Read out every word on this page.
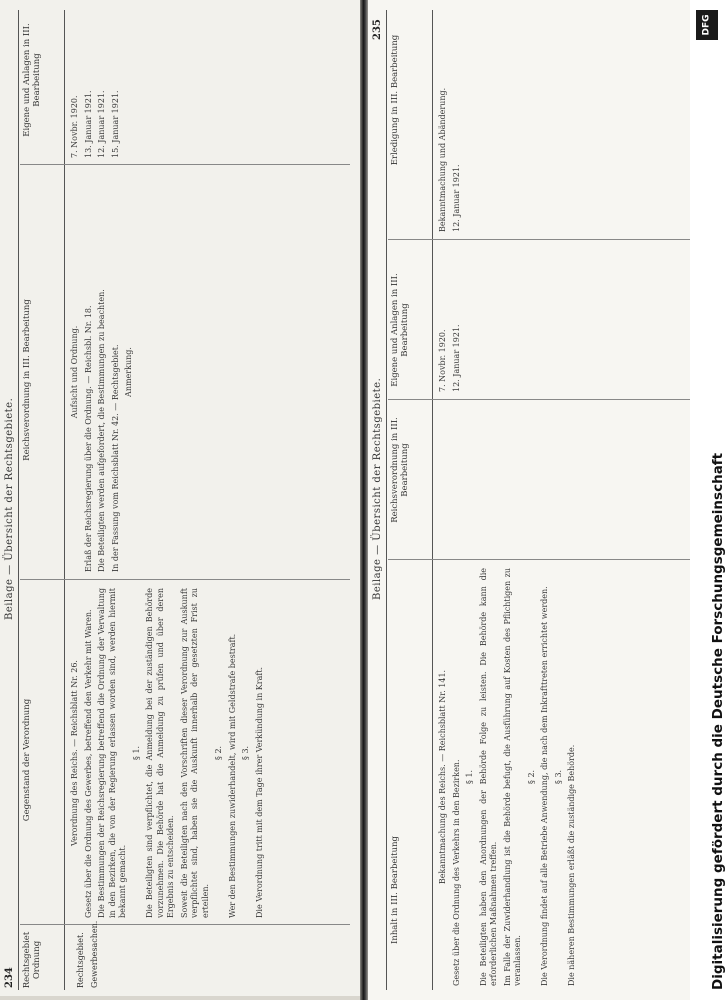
234
Beilage — Übersicht der Rechtsgebiete.
Rechtsgebiet Ordnung
Gegenstand der Verordnung
Reichsverordnung in III. Bearbeitung
Eigene und Anlagen in III. Bearbeitung
Rechtsgebiet. Gewerbesachen.

Verordnung des Reichs. — Reichsblatt Nr. 26. Gesetz über die Ordnung des Gewerbes, betreffend den Verkehr mit Waren. Die Bestimmungen der Reichsregierung betreffend die Ordnung der Verwaltung in den Bezirken, die von der Regierung erlassen worden sind, werden hiermit bekannt gemacht.

§ 1. Die Beteiligten sind verpflichtet, die Anmeldung bei der zuständigen Behörde vorzunehmen. Die Behörde hat die Anmeldung zu prüfen und über deren Ergebnis zu entscheiden. Soweit die Beteiligten nach den Vorschriften dieser Verordnung zur Auskunft verpflichtet sind, haben sie die Auskunft innerhalb der gesetzten Frist zu erteilen.

§ 2. Wer den Bestimmungen zuwiderhandelt, wird mit Geldstrafe bestraft. § 3. Die Verordnung tritt mit dem Tage ihrer Verkündung in Kraft.

Aufsicht und Ordnung. Erlaß der Reichsregierung über die Ordnung. — Reichsbl. Nr. 18. Die Beteiligten werden aufgefordert, die Bestimmungen zu beachten. In der Fassung vom Reichsblatt Nr. 42. — Rechtsgebiet. Anmerkung.

7. Novbr. 1920. 13. Januar 1921. 12. Januar 1921. 15. Januar 1921.

Beilage — Übersicht der Rechtsgebiete.
235
Inhalt in III. Bearbeitung
Reichsverordnung in III. Bearbeitung
Eigene und Anlagen in III. Bearbeitung
Erledigung in III. Bearbeitung

Bekanntmachung des Reichs. — Reichsblatt Nr. 141. Gesetz über die Ordnung des Verkehrs in den Bezirken. § 1. Die Beteiligten haben den Anordnungen der Behörde Folge zu leisten. Die Behörde kann die erforderlichen Maßnahmen treffen. Im Falle der Zuwiderhandlung ist die Behörde befugt, die Ausführung auf Kosten des Pflichtigen zu veranlassen.

§ 2. Die Verordnung findet auf alle Betriebe Anwendung, die nach dem Inkrafttreten errichtet werden. § 3. Die näheren Bestimmungen erläßt die zuständige Behörde.

7. Novbr. 1920. 12. Januar 1921.

Bekanntmachung und Abänderung. 12. Januar 1921.

DFG
Digitalisierung gefördert durch die Deutsche Forschungsgemeinschaft
